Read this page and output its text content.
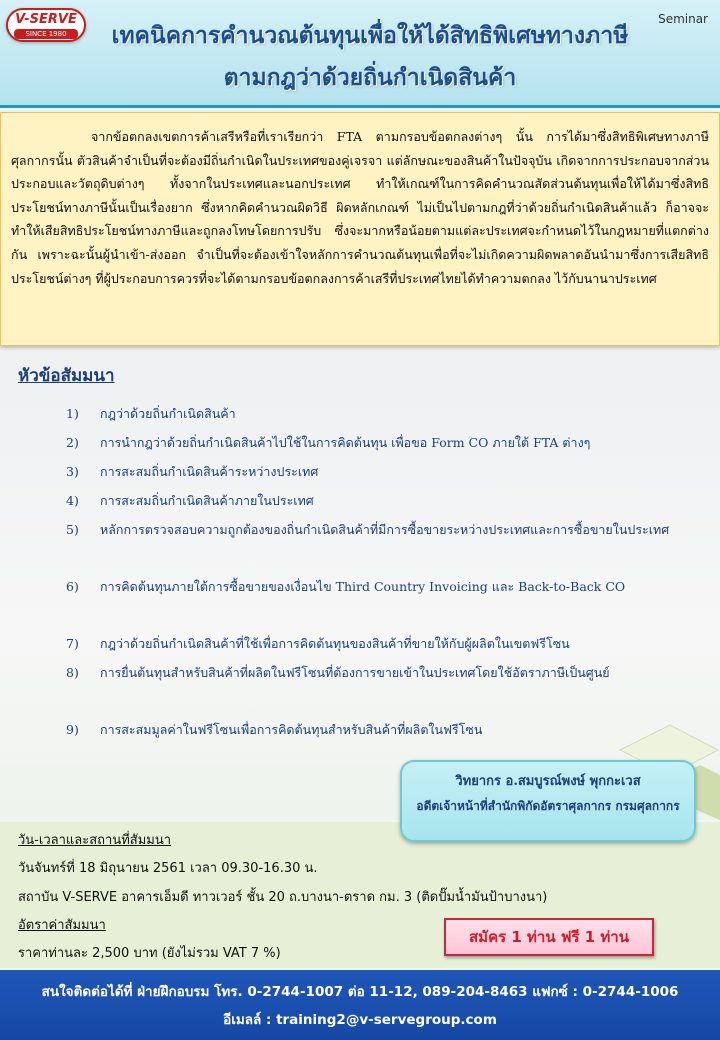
V-SERVE
SINCE 1980
Seminar
เทคนิคการคำนวณต้นทุนเพื่อให้ได้สิทธิพิเศษทางภาษี
ตามกฎว่าด้วยถิ่นกำเนิดสินค้า

จากข้อตกลงเขตการค้าเสรีหรือที่เราเรียกว่า FTA ตามกรอบข้อตกลงต่างๆ นั้น การได้มาซึ่งสิทธิพิเศษทางภาษีศุลกากรนั้น ตัวสินค้าจำเป็นที่จะต้องมีถิ่นกำเนิดในประเทศของคู่เจรจา แต่ลักษณะของสินค้าในปัจจุบัน เกิดจากการประกอบจากส่วนประกอบและวัตถุดิบต่างๆ ทั้งจากในประเทศและนอกประเทศ ทำให้เกณฑ์ในการคิดคำนวณสัดส่วนต้นทุนเพื่อให้ได้มาซึ่งสิทธิประโยชน์ทางภาษีนั้นเป็นเรื่องยาก ซึ่งหากคิดคำนวณผิดวิธี ผิดหลักเกณฑ์ ไม่เป็นไปตามกฎที่ว่าด้วยถิ่นกำเนิดสินค้าแล้ว ก็อาจจะทำให้เสียสิทธิประโยชน์ทางภาษีและถูกลงโทษโดยการปรับ ซึ่งจะมากหรือน้อยตามแต่ละประเทศจะกำหนดไว้ในกฎหมายที่แตกต่างกัน เพราะฉะนั้นผู้นำเข้า-ส่งออก จำเป็นที่จะต้องเข้าใจหลักการคำนวณต้นทุนเพื่อที่จะไม่เกิดความผิดพลาดอันนำมาซึ่งการเสียสิทธิประโยชน์ต่างๆ ที่ผู้ประกอบการควรที่จะได้ตามกรอบข้อตกลงการค้าเสรีที่ประเทศไทยได้ทำความตกลง ไว้กับนานาประเทศ

หัวข้อสัมมนา
1) กฎว่าด้วยถิ่นกำเนิดสินค้า
2) การนำกฎว่าด้วยถิ่นกำเนิดสินค้าไปใช้ในการคิดต้นทุน เพื่อขอ Form CO ภายใต้ FTA ต่างๆ
3) การสะสมถิ่นกำเนิดสินค้าระหว่างประเทศ
4) การสะสมถิ่นกำเนิดสินค้าภายในประเทศ
5) หลักการตรวจสอบความถูกต้องของถิ่นกำเนิดสินค้าที่มีการซื้อขายระหว่างประเทศและการซื้อขายในประเทศ
6) การคิดต้นทุนภายใต้การซื้อขายของเงื่อนไข Third Country Invoicing และ Back-to-Back CO
7) กฎว่าด้วยถิ่นกำเนิดสินค้าที่ใช้เพื่อการคิดต้นทุนของสินค้าที่ขายให้กับผู้ผลิตในเขตฟรีโซน
8) การยื่นต้นทุนสำหรับสินค้าที่ผลิตในฟรีโซนที่ต้องการขายเข้าในประเทศโดยใช้อัตราภาษีเป็นศูนย์
9) การสะสมมูลค่าในฟรีโซนเพื่อการคิดต้นทุนสำหรับสินค้าที่ผลิตในฟรีโซน
วิทยากร อ.สมบูรณ์พงษ์ พุกกะเวส
อดีตเจ้าหน้าที่สำนักพิกัดอัตราศุลกากร กรมศุลกากร
วัน-เวลาและสถานที่สัมมนา
วันจันทร์ที่ 18 มิถุนายน 2561 เวลา 09.30-16.30 น.
สถาบัน V-SERVE อาคารเอ็มดี ทาวเวอร์ ชั้น 20 ถ.บางนา-ตราด กม. 3 (ติดปั๊มน้ำมันป้าบางนา)
อัตราค่าสัมมนา
ราคาท่านละ 2,500 บาท (ยังไม่รวม VAT 7 %)
สมัคร 1 ท่าน ฟรี 1 ท่าน
สนใจติดต่อได้ที่ ฝ่ายฝึกอบรม โทร. 0-2744-1007 ต่อ 11-12, 089-204-8463 แฟกซ์ : 0-2744-1006
อีเมลล์ : training2@v-servegroup.com
